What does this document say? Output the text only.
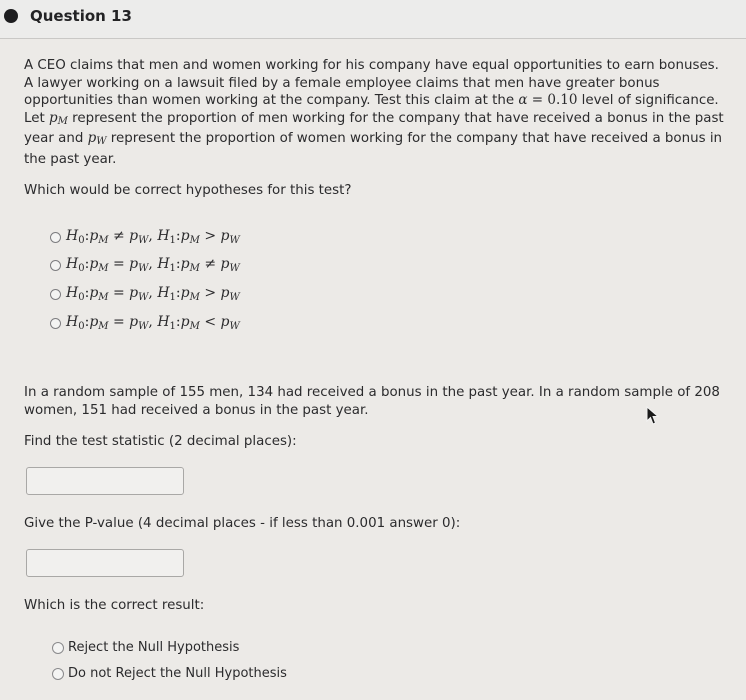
Question 13
A CEO claims that men and women working for his company have equal opportunities to earn bonuses. A lawyer working on a lawsuit filed by a female employee claims that men have greater bonus opportunities than women working at the company. Test this claim at the α = 0.10 level of significance. Let $p_M$ represent the proportion of men working for the company that have received a bonus in the past year and $p_W$ represent the proportion of women working for the company that have received a bonus in the past year.
Which would be correct hypotheses for this test?
$H_0:p_M \ne p_W$, $H_1:p_M > p_W$
$H_0:p_M = p_W$, $H_1:p_M \ne p_W$
$H_0:p_M = p_W$, $H_1:p_M > p_W$
$H_0:p_M = p_W$, $H_1:p_M < p_W$
In a random sample of 155 men, 134 had received a bonus in the past year. In a random sample of 208 women, 151 had received a bonus in the past year.
Find the test statistic (2 decimal places):
Give the P-value (4 decimal places - if less than 0.001 answer 0):
Which is the correct result:
Reject the Null Hypothesis
Do not Reject the Null Hypothesis
